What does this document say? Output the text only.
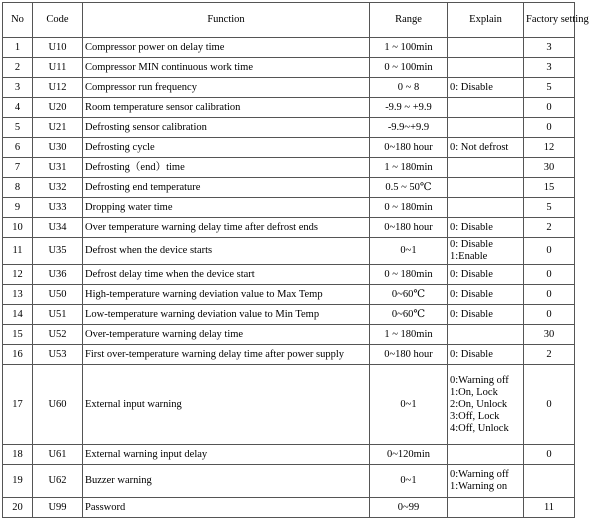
No	Code	Function	Range	Explain	Factory setting
1	U10	Compressor power on delay time	1 ~ 100min		3
2	U11	Compressor MIN continuous work time	0 ~ 100min		3
3	U12	Compressor run frequency	0 ~ 8	0: Disable	5
4	U20	Room temperature sensor calibration	-9.9 ~ +9.9		0
5	U21	Defrosting sensor calibration	-9.9~+9.9		0
6	U30	Defrosting cycle	0~180 hour	0: Not defrost	12
7	U31	Defrosting（end）time	1 ~ 180min		30
8	U32	Defrosting end temperature	0.5 ~ 50℃		15
9	U33	Dropping water time	0 ~ 180min		5
10	U34	Over temperature warning delay time after defrost ends	0~180 hour	0: Disable	2
11	U35	Defrost when the device starts	0~1	0: Disable
1:Enable	0
12	U36	Defrost delay time when the device start	0 ~ 180min	0: Disable	0
13	U50	High-temperature warning deviation value to Max Temp	0~60℃	0: Disable	0
14	U51	Low-temperature warning deviation value to Min Temp	0~60℃	0: Disable	0
15	U52	Over-temperature warning delay time	1 ~ 180min		30
16	U53	First over-temperature warning delay time after power supply	0~180 hour	0: Disable	2
17	U60	External input warning	0~1	0:Warning off
1:On, Lock
2:On, Unlock
3:Off, Lock
4:Off, Unlock	0
18	U61	External warning input delay	0~120min		0
19	U62	Buzzer warning	0~1	0:Warning off
1:Warning on	
20	U99	Password	0~99		11
